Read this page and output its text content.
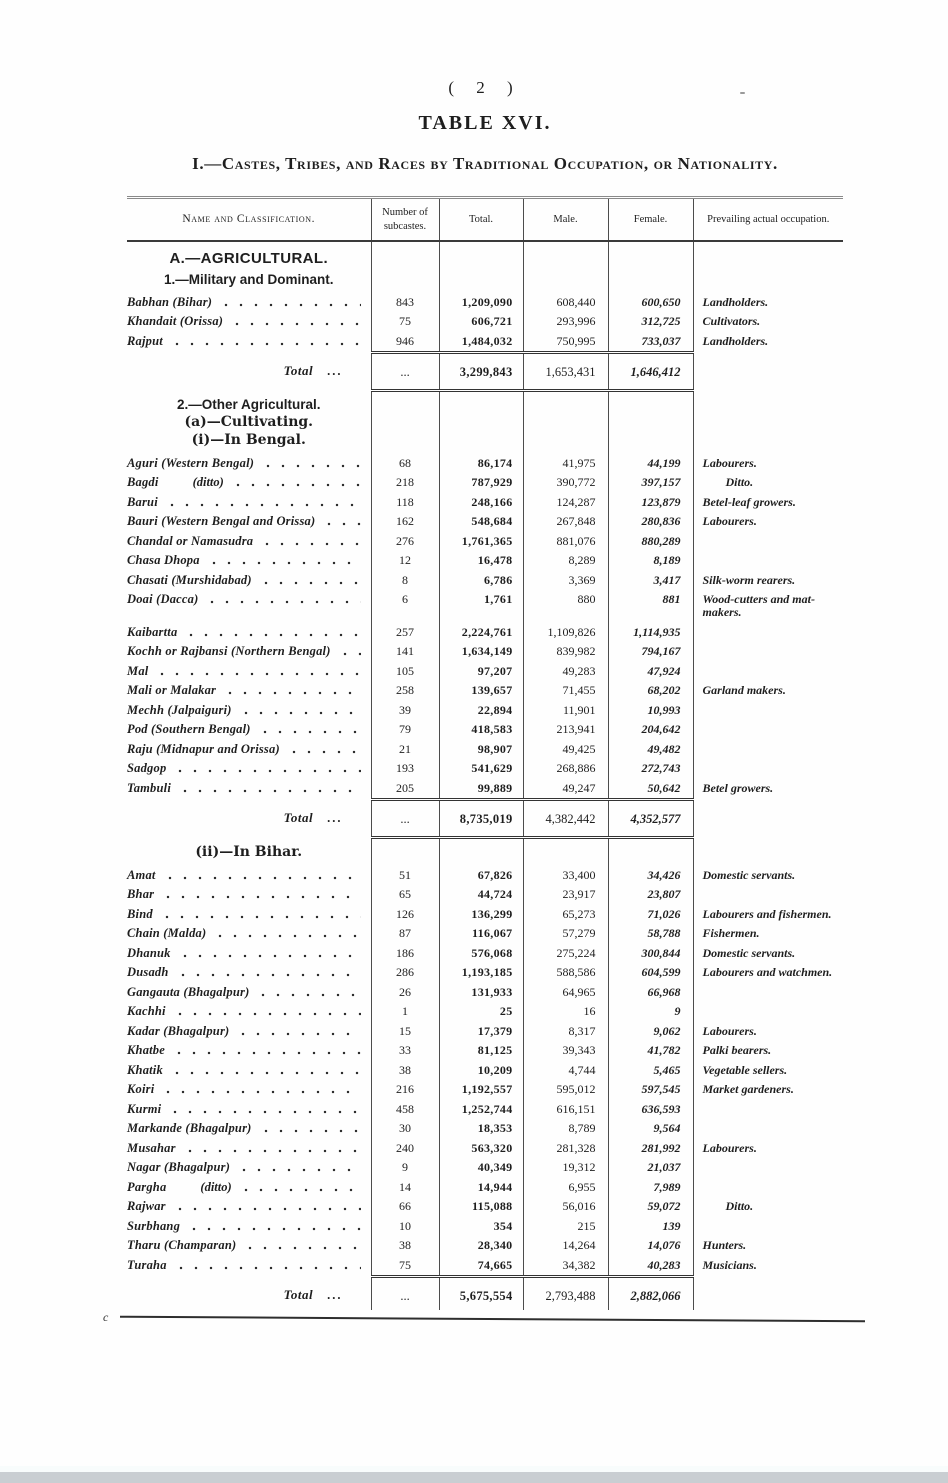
( 2 )
TABLE XVI.
I.—Castes, Tribes, and Races by Traditional Occupation, or Nationality.
Name and Classification.	Number of subcastes.	Total.	Male.	Female.	Prevailing actual occupation.

A.—AGRICULTURAL.
1.—Military and Dominant.					

Babhan (Bihar)	843	1,209,090	608,440	600,650	Landholders.

Khandait (Orissa)	75	606,721	293,996	312,725	Cultivators.

Rajput	946	1,484,032	750,995	733,037	Landholders.

Total ...	...	3,299,843	1,653,431	1,646,412	

2.—Other Agricultural.
(a)—Cultivating.
(i)—In Bengal.					

Aguri (Western Bengal)	68	86,174	41,975	44,199	Labourers.

Bagdi (ditto)	218	787,929	390,772	397,157	Ditto.

Barui	118	248,166	124,287	123,879	Betel-leaf growers.

Bauri (Western Bengal and Orissa)	162	548,684	267,848	280,836	Labourers.

Chandal or Namasudra	276	1,761,365	881,076	880,289	

Chasa Dhopa	12	16,478	8,289	8,189	

Chasati (Murshidabad)	8	6,786	3,369	3,417	Silk-worm rearers.

Doai (Dacca)	6	1,761	880	881	Wood-cutters and mat-makers.

Kaibartta	257	2,224,761	1,109,826	1,114,935	

Kochh or Rajbansi (Northern Bengal)	141	1,634,149	839,982	794,167	

Mal	105	97,207	49,283	47,924	

Mali or Malakar	258	139,657	71,455	68,202	Garland makers.

Mechh (Jalpaiguri)	39	22,894	11,901	10,993	

Pod (Southern Bengal)	79	418,583	213,941	204,642	

Raju (Midnapur and Orissa)	21	98,907	49,425	49,482	

Sadgop	193	541,629	268,886	272,743	

Tambuli	205	99,889	49,247	50,642	Betel growers.

Total ...	...	8,735,019	4,382,442	4,352,577	

(ii)—In Bihar.					

Amat	51	67,826	33,400	34,426	Domestic servants.

Bhar	65	44,724	23,917	23,807	

Bind	126	136,299	65,273	71,026	Labourers and fishermen.

Chain (Malda)	87	116,067	57,279	58,788	Fishermen.

Dhanuk	186	576,068	275,224	300,844	Domestic servants.

Dusadh	286	1,193,185	588,586	604,599	Labourers and watchmen.

Gangauta (Bhagalpur)	26	131,933	64,965	66,968	

Kachhi	1	25	16	9	

Kadar (Bhagalpur)	15	17,379	8,317	9,062	Labourers.

Khatbe	33	81,125	39,343	41,782	Palki bearers.

Khatik	38	10,209	4,744	5,465	Vegetable sellers.

Koiri	216	1,192,557	595,012	597,545	Market gardeners.

Kurmi	458	1,252,744	616,151	636,593	

Markande (Bhagalpur)	30	18,353	8,789	9,564	

Musahar	240	563,320	281,328	281,992	Labourers.

Nagar (Bhagalpur)	9	40,349	19,312	21,037	

Pargha (ditto)	14	14,944	6,955	7,989	

Rajwar	66	115,088	56,016	59,072	Ditto.

Surbhang	10	354	215	139	

Tharu (Champaran)	38	28,340	14,264	14,076	Hunters.

Turaha	75	74,665	34,382	40,283	Musicians.

Total ...	...	5,675,554	2,793,488	2,882,066	
c
